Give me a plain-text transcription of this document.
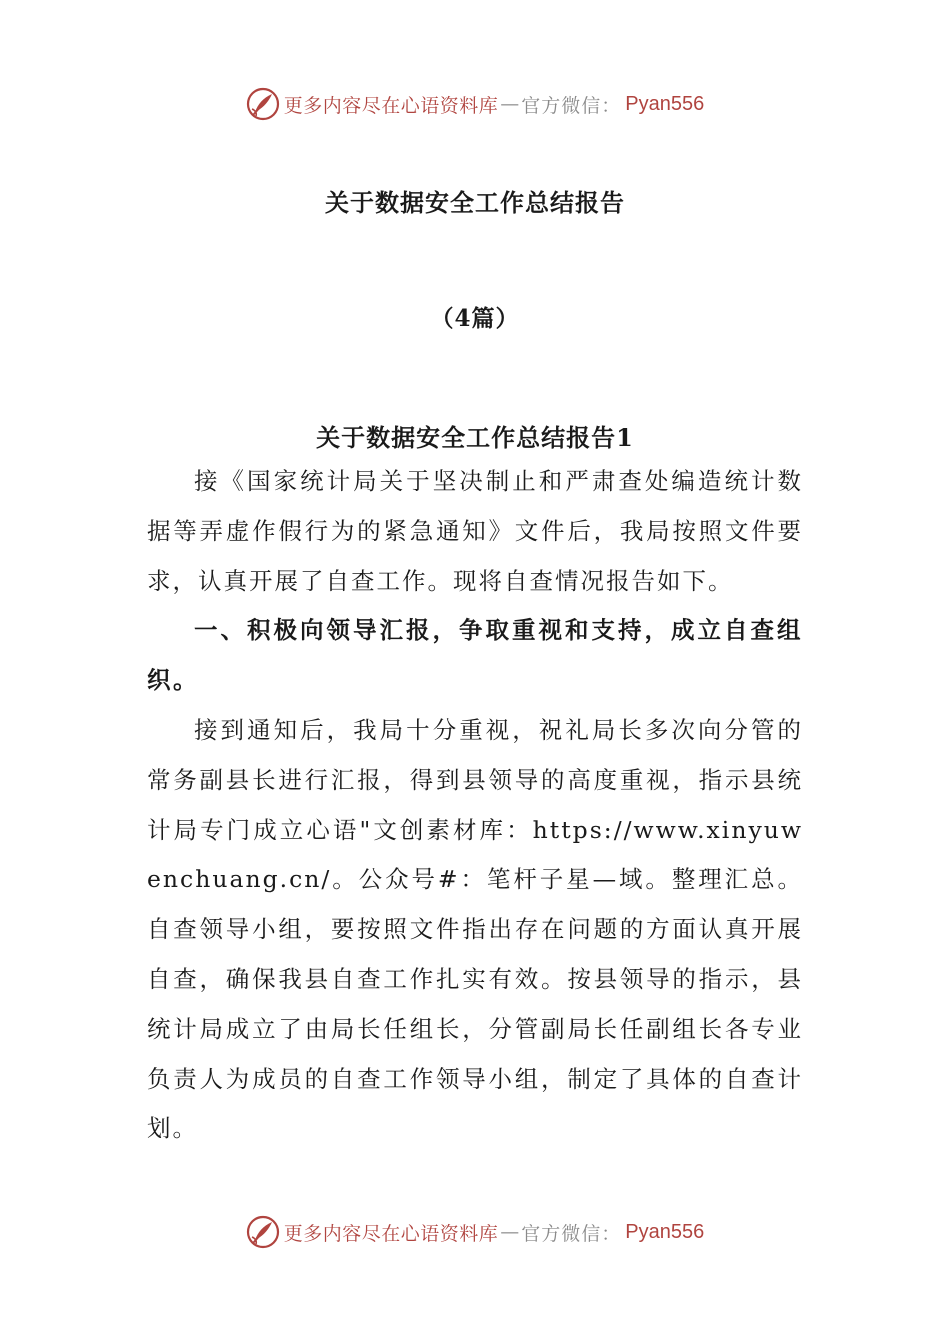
更多内容尽在心语资料库 — 官方微信： Pyan556
关于数据安全工作总结报告
（4篇）
关于数据安全工作总结报告1

接《国家统计局关于坚决制止和严肃查处编造统计数据等弄虚作假行为的紧急通知》文件后，我局按照文件要求，认真开展了自查工作。现将自查情况报告如下。

一、积极向领导汇报，争取重视和支持，成立自查组织。

接到通知后，我局十分重视，祝礼局长多次向分管的常务副县长进行汇报，得到县领导的高度重视，指示县统计局专门成立心语"文创素材库：https://www.xinyuwenchuang.cn/。公众号#：笔杆子星—域。整理汇总。自查领导小组，要按照文件指出存在问题的方面认真开展自查，确保我县自查工作扎实有效。按县领导的指示，县统计局成立了由局长任组长，分管副局长任副组长各专业负责人为成员的自查工作领导小组，制定了具体的自查计划。

更多内容尽在心语资料库 — 官方微信： Pyan556
